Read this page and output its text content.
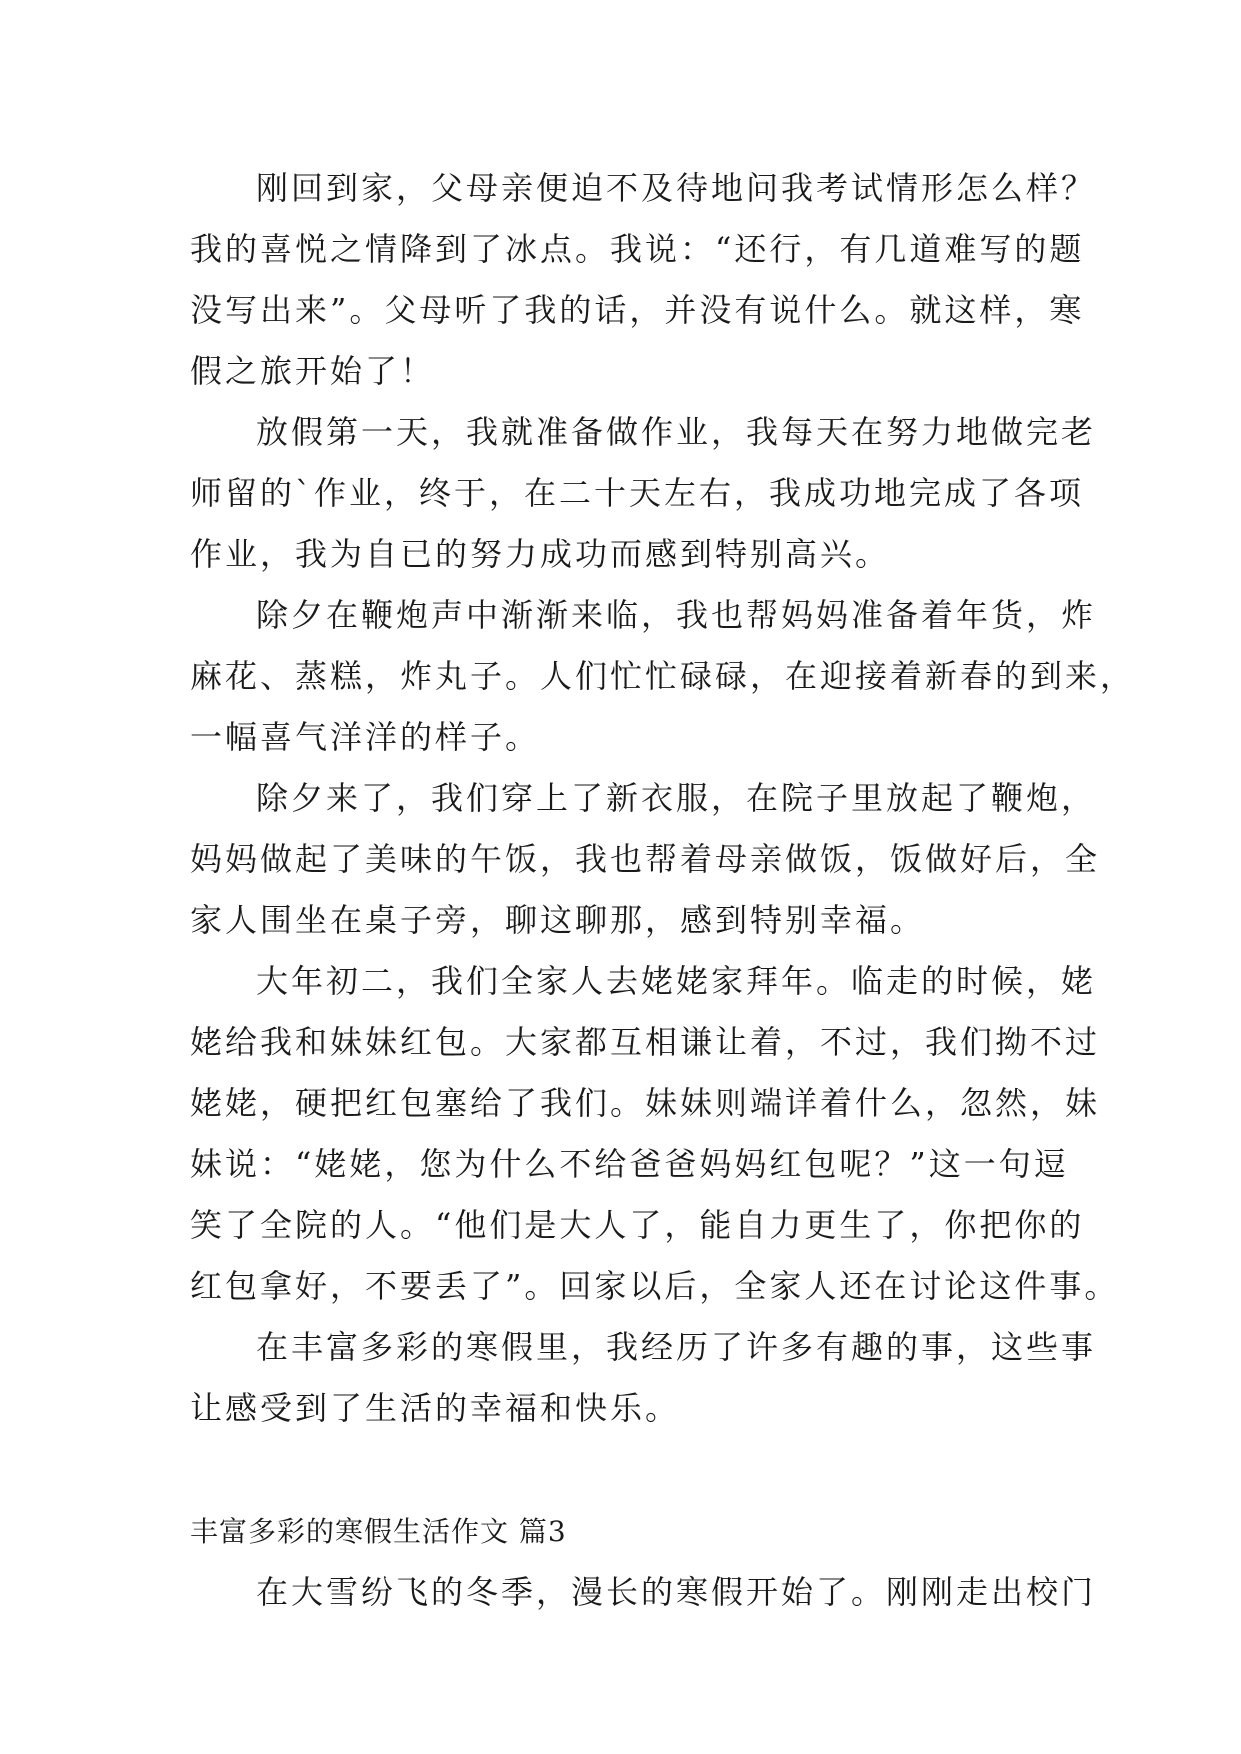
刚回到家，父母亲便迫不及待地问我考试情形怎么样？
我的喜悦之情降到了冰点。我说：“还行，有几道难写的题
没写出来”。父母听了我的话，并没有说什么。就这样，寒
假之旅开始了！
放假第一天，我就准备做作业，我每天在努力地做完老
师留的`作业，终于，在二十天左右，我成功地完成了各项
作业，我为自已的努力成功而感到特别高兴。
除夕在鞭炮声中渐渐来临，我也帮妈妈准备着年货，炸
麻花、蒸糕，炸丸子。人们忙忙碌碌，在迎接着新春的到来，
一幅喜气洋洋的样子。
除夕来了，我们穿上了新衣服，在院子里放起了鞭炮，
妈妈做起了美味的午饭，我也帮着母亲做饭，饭做好后，全
家人围坐在桌子旁，聊这聊那，感到特别幸福。
大年初二，我们全家人去姥姥家拜年。临走的时候，姥
姥给我和妹妹红包。大家都互相谦让着，不过，我们拗不过
姥姥，硬把红包塞给了我们。妹妹则端详着什么，忽然，妹
妹说：“姥姥，您为什么不给爸爸妈妈红包呢？”这一句逗
笑了全院的人。“他们是大人了，能自力更生了，你把你的
红包拿好，不要丢了”。回家以后，全家人还在讨论这件事。
在丰富多彩的寒假里，我经历了许多有趣的事，这些事
让感受到了生活的幸福和快乐。
丰富多彩的寒假生活作文 篇3
在大雪纷飞的冬季，漫长的寒假开始了。刚刚走出校门
